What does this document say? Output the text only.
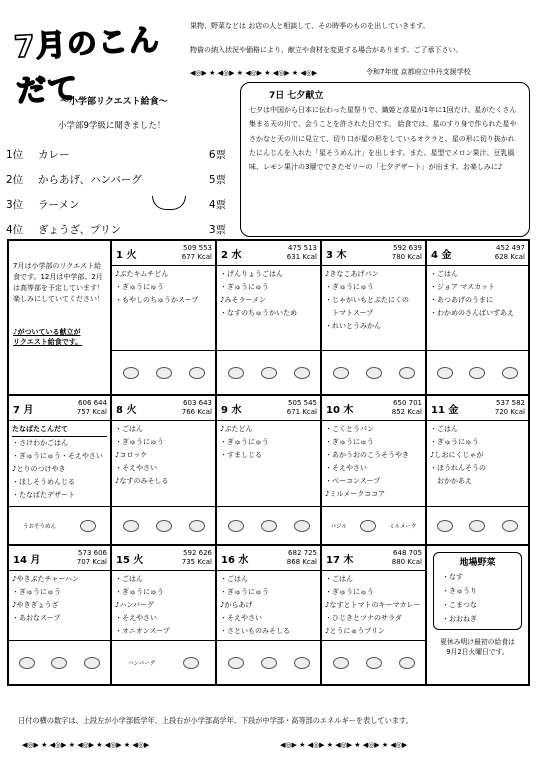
7月のこんだて
果物、野菜などは お店の人と相談して、その時季のものを出していきます。
物資の納入状況や価格により、献立や食材を変更する場合があります。ご了承下さい。
◀◎▶ ★ ◀◎▶ ★ ◀◎▶ ★ ◀◎▶ ★ ◀◎▶	令和7年度 京都府立中丹支援学校
～小学部リクエスト給食～
小学部9学級に聞きました！
1位	カレー	6票
2位	からあげ、ハンバーグ	5票
3位	ラーメン	4票
4位	ぎょうざ、プリン	3票
7日 七夕献立
七夕は中国から日本に伝わった星祭りで、織姫と彦星が1年に1回だけ、星がたくさん集まる天の川で、会うことを許された日です。 給食では、星のすり身で作られた星やさかなと天の川に見立て、切り口が星の形をしているオクラと、星の形に切り抜かれたにんじんを入れた「星そうめん汁」を出します。また、星型でメロン果汁、豆乳風味、レモン果汁の3層でできたゼリーの「七夕デザート」が出ます。お楽しみに♪
7月は小学部のリクエスト給食です。12月は中学部、2月は高等部を予定しています！楽しみにしていてください！
♪がついている献立が
リクエスト給食です。
1 火
509 553
677 Kcal
♪ぶたキムチどん
・ぎゅうにゅう
・もやしのちゅうかスープ
2 水
475 513
631 Kcal
・げんりょうごはん
・ぎゅうにゅう
♪みそラーメン
・なすのちゅうかいため
3 木
592 639
780 Kcal
♪きなこあげパン
・ぎゅうにゅう
・じゃがいもとぶたにくの
　トマトスープ
・れいとうみかん
4 金
452 497
628 Kcal
・ごはん
・ジョア マスカット
・あつあげのうまに
・わかめのさんばいずあえ
7 月
606 644
757 Kcal
たなばたこんだて
・さけわかごはん
・ぎゅうにゅう・そえやさい
♪とりのつけやき
・ほしそうめんじる
・たなばたデザート
うおそうめん
8 火
603 643
766 Kcal
・ごはん
・ぎゅうにゅう
♪コロッケ
・そえやさい
♪なすのみそしる
9 水
505 545
671 Kcal
♪ぶたどん
・ぎゅうにゅう
・すましじる
10 木
650 701
852 Kcal
・こくとうパン
・ぎゅうにゅう
・あかうおのこうそうやき
・そえやさい
・ベーコンスープ
♪ミルメークココア
バジル	ミルメーク
11 金
537 582
720 Kcal
・ごはん
・ぎゅうにゅう
♪しおにくじゃが
・ほうれんそうの
　おかかあえ
14 月
573 606
707 Kcal
♪やきぶたチャーハン
・ぎゅうにゅう
♪やきぎょうざ
・あおなスープ
15 火
592 626
735 Kcal
・ごはん
・ぎゅうにゅう
♪ハンバーグ
・そえやさい
・オニオンスープ
ハンバーグ
16 水
682 725
868 Kcal
・ごはん
・ぎゅうにゅう
♪からあげ
・そえやさい
・さといものみそしる
17 木
648 705
880 Kcal
・ごはん
・ぎゅうにゅう
♪なすとトマトのキーマカレー
・ひじきとツナのサラダ
♪とうにゅうプリン
地場野菜
・なす
・きゅうり
・こまつな
・おおねぎ
夏休み明け最初の給食は
9月2日火曜日です。
日付の横の数字は、上段左が小学部低学年、上段右が小学部高学年、下段が中学部・高等部のエネルギーを表しています。
◀◎▶ ★ ◀◎▶ ★ ◀◎▶ ★ ◀◎▶ ★ ◀◎▶	◀◎▶ ★ ◀◎▶ ★ ◀◎▶ ★ ◀◎▶ ★ ◀◎▶
